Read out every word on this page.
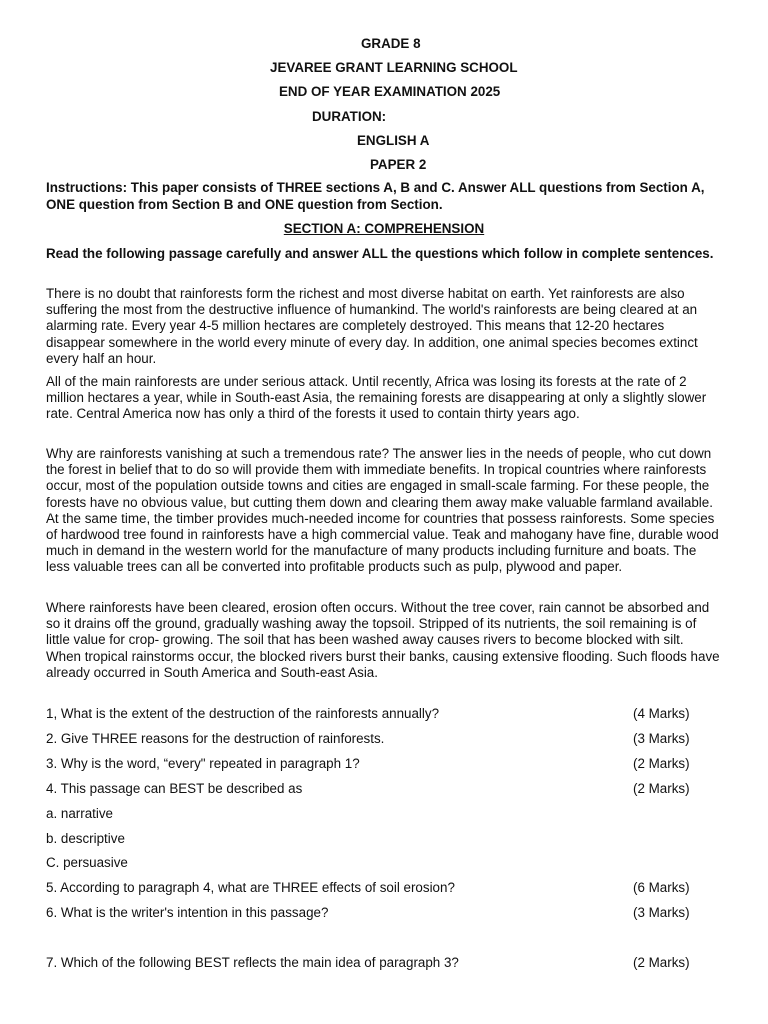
GRADE 8
JEVAREE GRANT LEARNING SCHOOL
END OF YEAR EXAMINATION 2025
DURATION:
ENGLISH A
PAPER 2
Instructions: This paper consists of THREE sections A, B and C. Answer ALL questions from Section A, ONE question from Section B and ONE question from Section.
SECTION A: COMPREHENSION
Read the following passage carefully and answer ALL the questions which follow in complete sentences.
There is no doubt that rainforests form the richest and most diverse habitat on earth. Yet rainforests are also suffering the most from the destructive influence of humankind. The world's rainforests are being cleared at an alarming rate. Every year 4-5 million hectares are completely destroyed. This means that 12-20 hectares disappear somewhere in the world every minute of every day. In addition, one animal species becomes extinct every half an hour.
All of the main rainforests are under serious attack. Until recently, Africa was losing its forests at the rate of 2 million hectares a year, while in South-east Asia, the remaining forests are disappearing at only a slightly slower rate. Central America now has only a third of the forests it used to contain thirty years ago.
Why are rainforests vanishing at such a tremendous rate? The answer lies in the needs of people, who cut down the forest in belief that to do so will provide them with immediate benefits. In tropical countries where rainforests occur, most of the population outside towns and cities are engaged in small-scale farming. For these people, the forests have no obvious value, but cutting them down and clearing them away make valuable farmland available. At the same time, the timber provides much-needed income for countries that possess rainforests. Some species of hardwood tree found in rainforests have a high commercial value. Teak and mahogany have fine, durable wood much in demand in the western world for the manufacture of many products including furniture and boats. The less valuable trees can all be converted into profitable products such as pulp, plywood and paper.
Where rainforests have been cleared, erosion often occurs. Without the tree cover, rain cannot be absorbed and so it drains off the ground, gradually washing away the topsoil. Stripped of its nutrients, the soil remaining is of little value for crop- growing. The soil that has been washed away causes rivers to become blocked with silt. When tropical rainstorms occur, the blocked rivers burst their banks, causing extensive flooding. Such floods have already occurred in South America and South-east Asia.
1, What is the extent of the destruction of the rainforests annually?	(4 Marks)
2. Give THREE reasons for the destruction of rainforests.	(3 Marks)
3. Why is the word, “every" repeated in paragraph 1?	(2 Marks)
4. This passage can BEST be described as	(2 Marks)
a. narrative
b. descriptive
C. persuasive
5. According to paragraph 4, what are THREE effects of soil erosion?	(6 Marks)
6. What is the writer's intention in this passage?	(3 Marks)
7. Which of the following BEST reflects the main idea of paragraph 3?	(2 Marks)
